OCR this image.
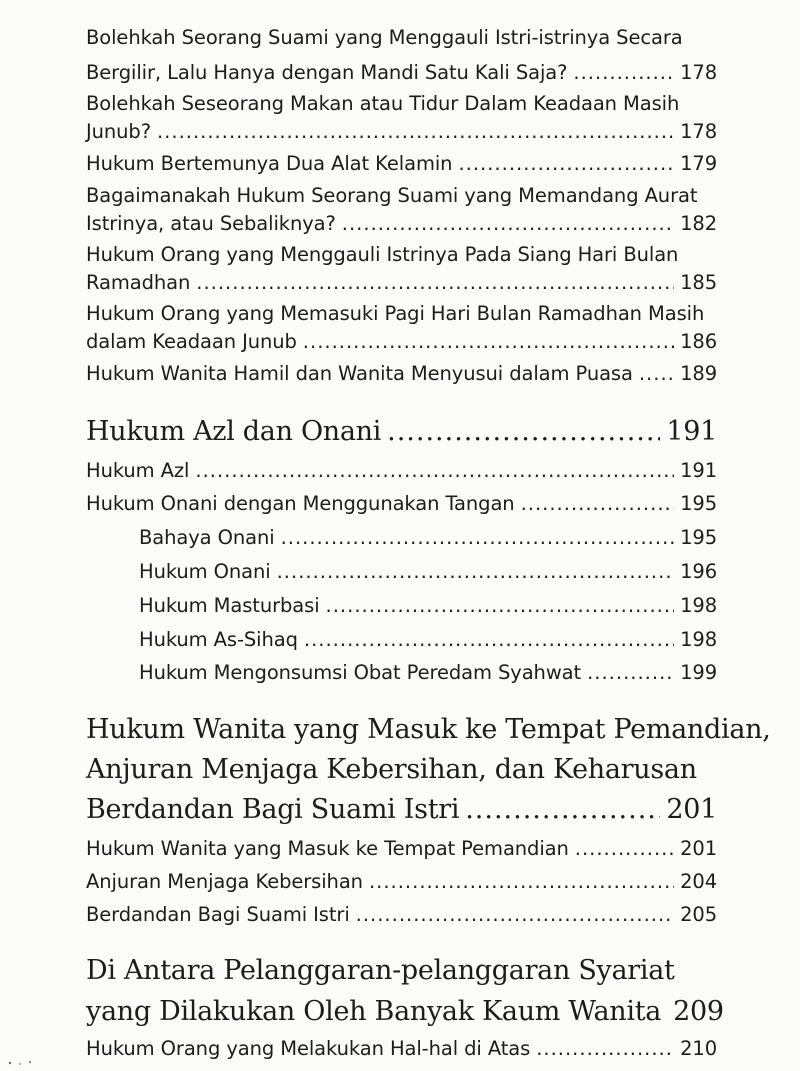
Bolehkah Seorang Suami yang Menggauli Istri-istrinya Secara
Bergilir, Lalu Hanya dengan Mandi Satu Kali Saja? .....	178
Bolehkah Seseorang Makan atau Tidur Dalam Keadaan Masih
Junub? .....	178
Hukum Bertemunya Dua Alat Kelamin .....	179
Bagaimanakah Hukum Seorang Suami yang Memandang Aurat
Istrinya, atau Sebaliknya? .....	182
Hukum Orang yang Menggauli Istrinya Pada Siang Hari Bulan
Ramadhan .....	185
Hukum Orang yang Memasuki Pagi Hari Bulan Ramadhan Masih
dalam Keadaan Junub .....	186
Hukum Wanita Hamil dan Wanita Menyusui dalam Puasa ..... 189
Hukum Azl dan Onani .....	191
Hukum Azl .....	191
Hukum Onani dengan Menggunakan Tangan .....	195
Bahaya Onani .....	195
Hukum Onani .....	196
Hukum Masturbasi .....	198
Hukum As-Sihaq .....	198
Hukum Mengonsumsi Obat Peredam Syahwat .....	199
Hukum Wanita yang Masuk ke Tempat Pemandian,
Anjuran Menjaga Kebersihan, dan Keharusan
Berdandan Bagi Suami Istri .....	201
Hukum Wanita yang Masuk ke Tempat Pemandian .....	201
Anjuran Menjaga Kebersihan .....	204
Berdandan Bagi Suami Istri .....	205
Di Antara Pelanggaran-pelanggaran Syariat
yang Dilakukan Oleh Banyak Kaum Wanita 209
Hukum Orang yang Melakukan Hal-hal di Atas .....	210
